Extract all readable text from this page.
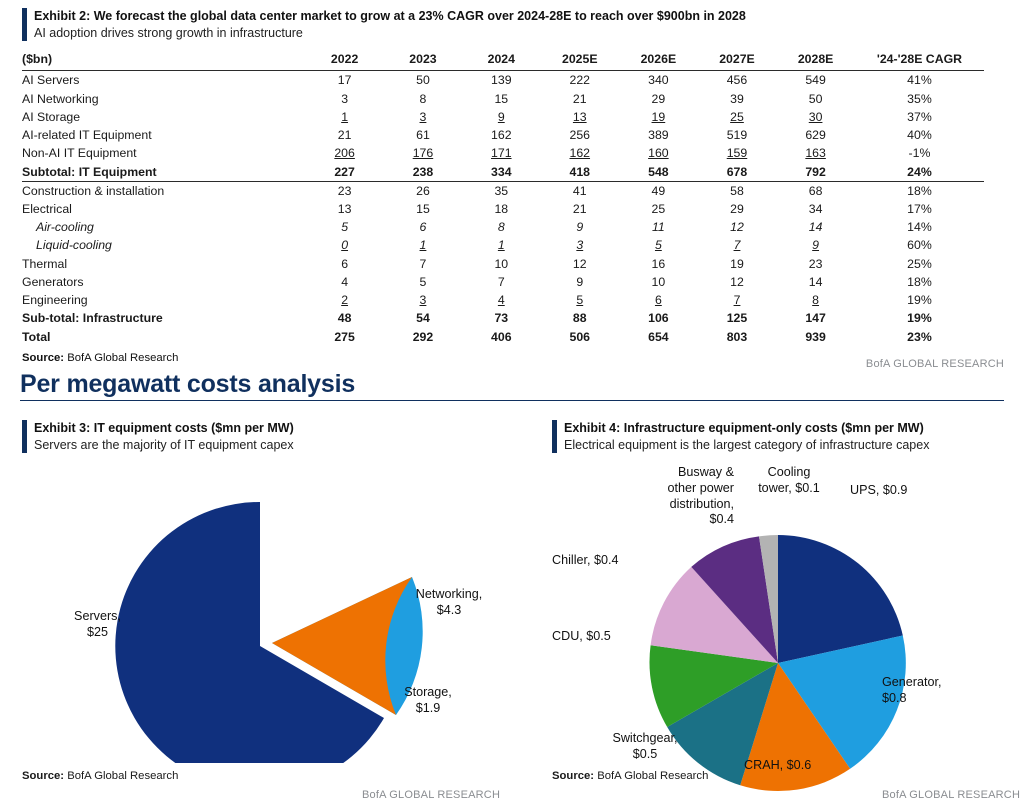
Exhibit 2: We forecast the global data center market to grow at a 23% CAGR over 2024-28E to reach over $900bn in 2028
AI adoption drives strong growth in infrastructure
($bn)	2022	2023	2024	2025E	2026E	2027E	2028E	'24-'28E CAGR
AI Servers	17	50	139	222	340	456	549	41%
AI Networking	3	8	15	21	29	39	50	35%
AI Storage	1	3	9	13	19	25	30	37%
AI-related IT Equipment	21	61	162	256	389	519	629	40%
Non-AI IT Equipment	206	176	171	162	160	159	163	-1%
Subtotal: IT Equipment	227	238	334	418	548	678	792	24%
Construction & installation	23	26	35	41	49	58	68	18%
Electrical	13	15	18	21	25	29	34	17%
Air-cooling	5	6	8	9	11	12	14	14%
Liquid-cooling	0	1	1	3	5	7	9	60%
Thermal	6	7	10	12	16	19	23	25%
Generators	4	5	7	9	10	12	14	18%
Engineering	2	3	4	5	6	7	8	19%
Sub-total: Infrastructure	48	54	73	88	106	125	147	19%
Total	275	292	406	506	654	803	939	23%
Source: BofA Global Research
BofA GLOBAL RESEARCH
Per megawatt costs analysis
Exhibit 3: IT equipment costs ($mn per MW)
Servers are the majority of IT equipment capex
Servers,
$25
Networking,
$4.3
Storage,
$1.9
Source: BofA Global Research
BofA GLOBAL RESEARCH
Exhibit 4: Infrastructure equipment-only costs ($mn per MW)
Electrical equipment is the largest category of infrastructure capex
UPS, $0.9
Generator,
$0.8
CRAH, $0.6
Switchgear,
$0.5
CDU, $0.5
Chiller, $0.4
Busway &
other power
distribution,
$0.4
Cooling
tower, $0.1
Source: BofA Global Research
BofA GLOBAL RESEARCH
